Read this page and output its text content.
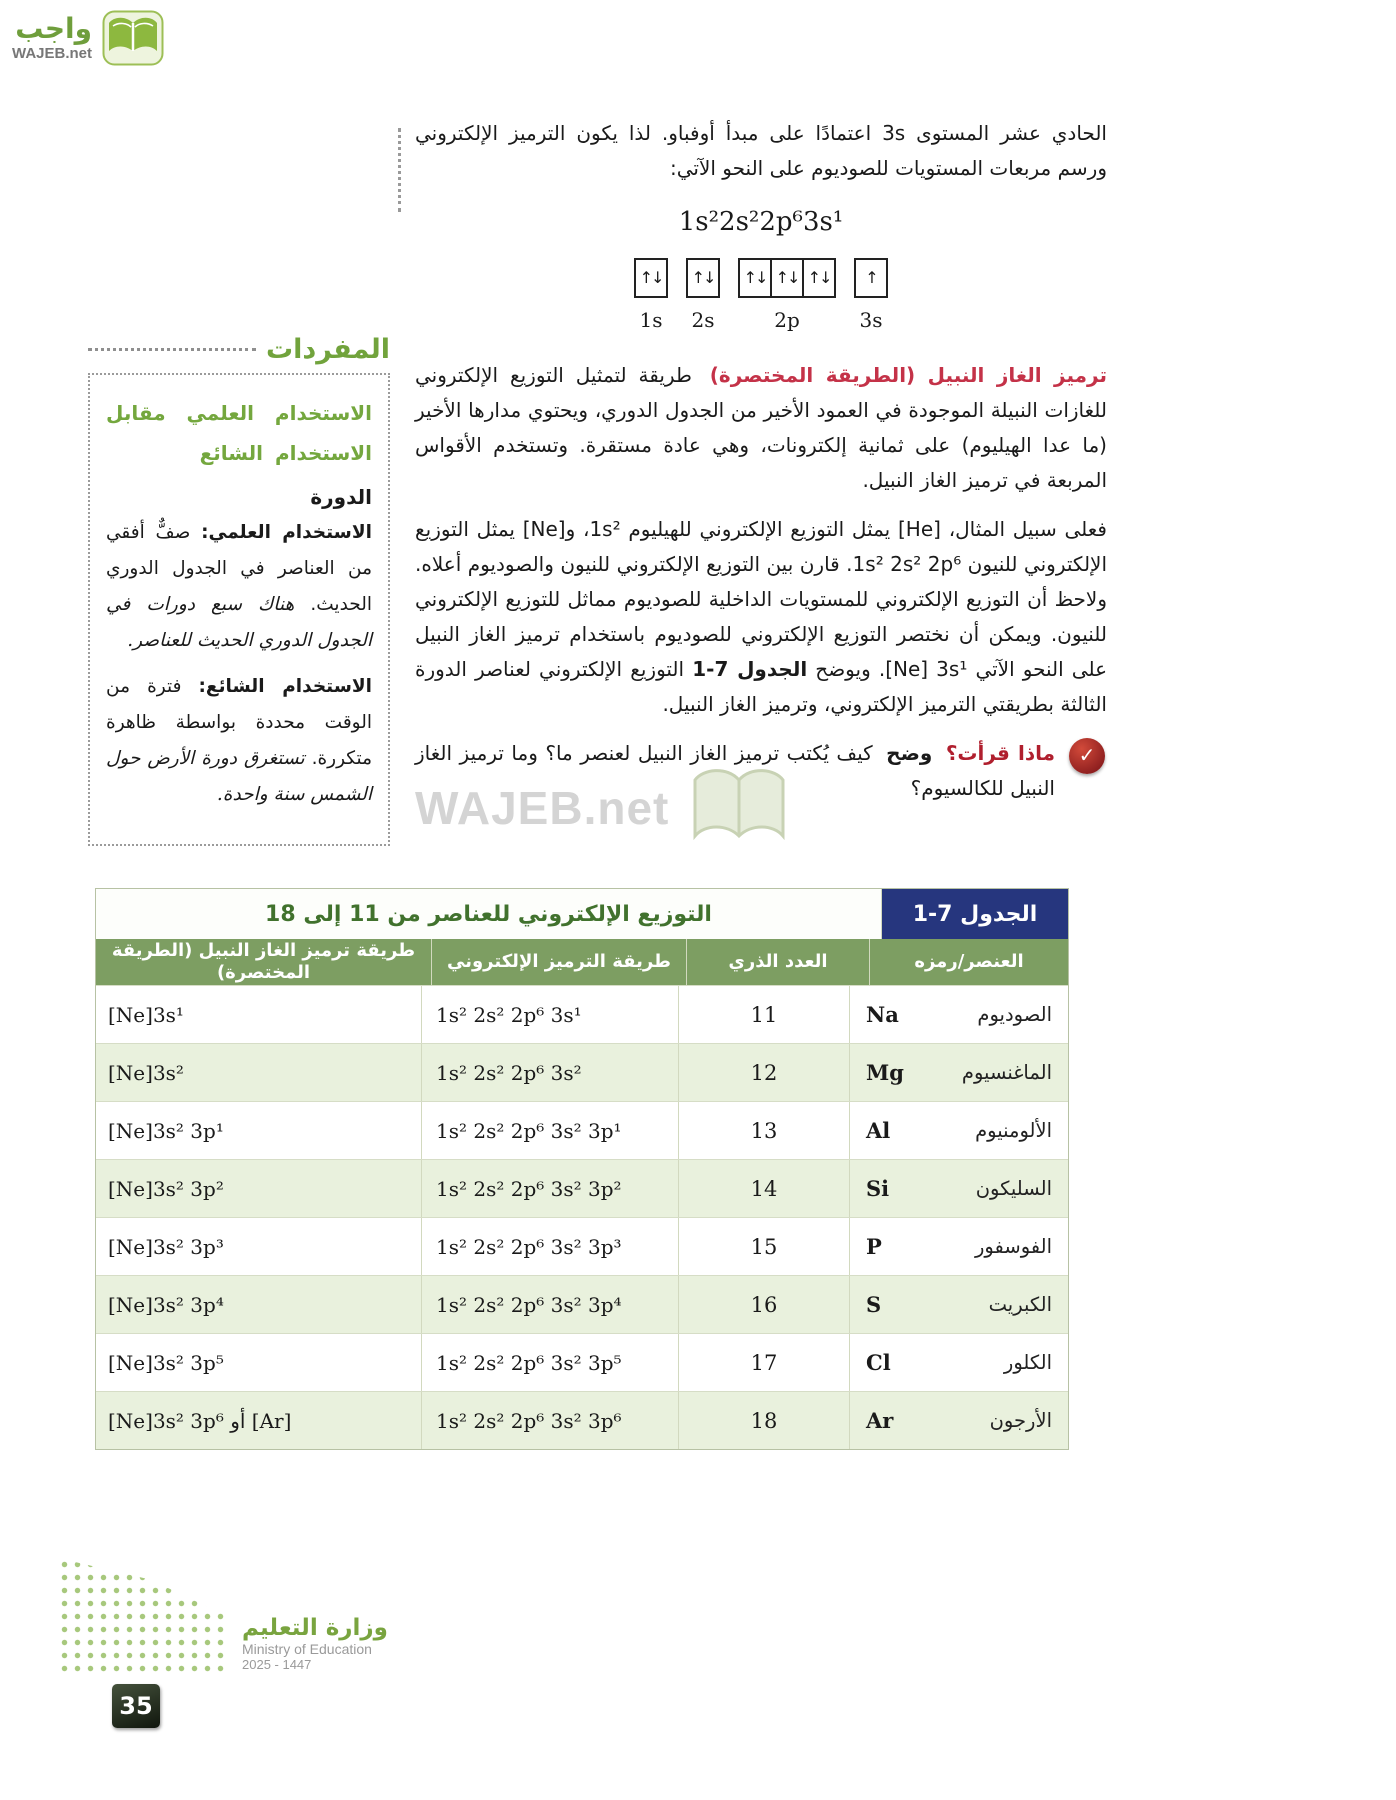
واجب
WAJEB.net
WAJEB.net

الحادي عشر المستوى ⁦3s⁩ اعتمادًا على مبدأ أوفباو. لذا يكون الترميز الإلكتروني ورسم مربعات المستويات للصوديوم على النحو الآتي:

1s²2s²2p⁶3s¹
↑↓
1s
↑↓
2s
↑↓ ↑↓ ↑↓
2p
↑
3s

ترميز الغاز النبيل (الطريقة المختصرة) طريقة لتمثيل التوزيع الإلكتروني للغازات النبيلة الموجودة في العمود الأخير من الجدول الدوري، ويحتوي مدارها الأخير (ما عدا الهيليوم) على ثمانية إلكترونات، وهي عادة مستقرة. وتستخدم الأقواس المربعة في ترميز الغاز النبيل.

فعلى سبيل المثال، ⁦[He]⁩ يمثل التوزيع الإلكتروني للهيليوم ⁦1s²⁩، و⁦[Ne]⁩ يمثل التوزيع الإلكتروني للنيون ⁦1s² 2s² 2p⁶⁩. قارن بين التوزيع الإلكتروني للنيون والصوديوم أعلاه. ولاحظ أن التوزيع الإلكتروني للمستويات الداخلية للصوديوم مماثل للتوزيع الإلكتروني للنيون. ويمكن أن نختصر التوزيع الإلكتروني للصوديوم باستخدام ترميز الغاز النبيل على النحو الآتي ⁦[Ne] 3s¹⁩. ويوضح الجدول 7-1 التوزيع الإلكتروني لعناصر الدورة الثالثة بطريقتي الترميز الإلكتروني، وترميز الغاز النبيل.

✓
ماذا قرأت؟ وضح كيف يُكتب ترميز الغاز النبيل لعنصر ما؟ وما ترميز الغاز النبيل للكالسيوم؟
المفردات
الاستخدام العلمي مقابل الاستخدام الشائع
الدورة

الاستخدام العلمي: صفٌّ أفقي من العناصر في الجدول الدوري الحديث. هناك سبع دورات في الجدول الدوري الحديث للعناصر.

الاستخدام الشائع: فترة من الوقت محددة بواسطة ظاهرة متكررة. تستغرق دورة الأرض حول الشمس سنة واحدة.

الجدول 7-1
التوزيع الإلكتروني للعناصر من 11 إلى 18
العنصر/رمزه
العدد الذري
طريقة الترميز الإلكتروني
طريقة ترميز الغاز النبيل (الطريقة المختصرة)
الصوديوم
Na
11
1s² 2s² 2p⁶ 3s¹
[Ne]3s¹
الماغنسيوم
Mg
12
1s² 2s² 2p⁶ 3s²
[Ne]3s²
الألومنيوم
Al
13
1s² 2s² 2p⁶ 3s² 3p¹
[Ne]3s² 3p¹
السليكون
Si
14
1s² 2s² 2p⁶ 3s² 3p²
[Ne]3s² 3p²
الفوسفور
P
15
1s² 2s² 2p⁶ 3s² 3p³
[Ne]3s² 3p³
الكبريت
S
16
1s² 2s² 2p⁶ 3s² 3p⁴
[Ne]3s² 3p⁴
الكلور
Cl
17
1s² 2s² 2p⁶ 3s² 3p⁵
[Ne]3s² 3p⁵
الأرجون
Ar
18
1s² 2s² 2p⁶ 3s² 3p⁶
[Ne]3s² 3p⁶ أو [Ar]
وزارة التعليم
Ministry of Education
2025 - 1447
35
